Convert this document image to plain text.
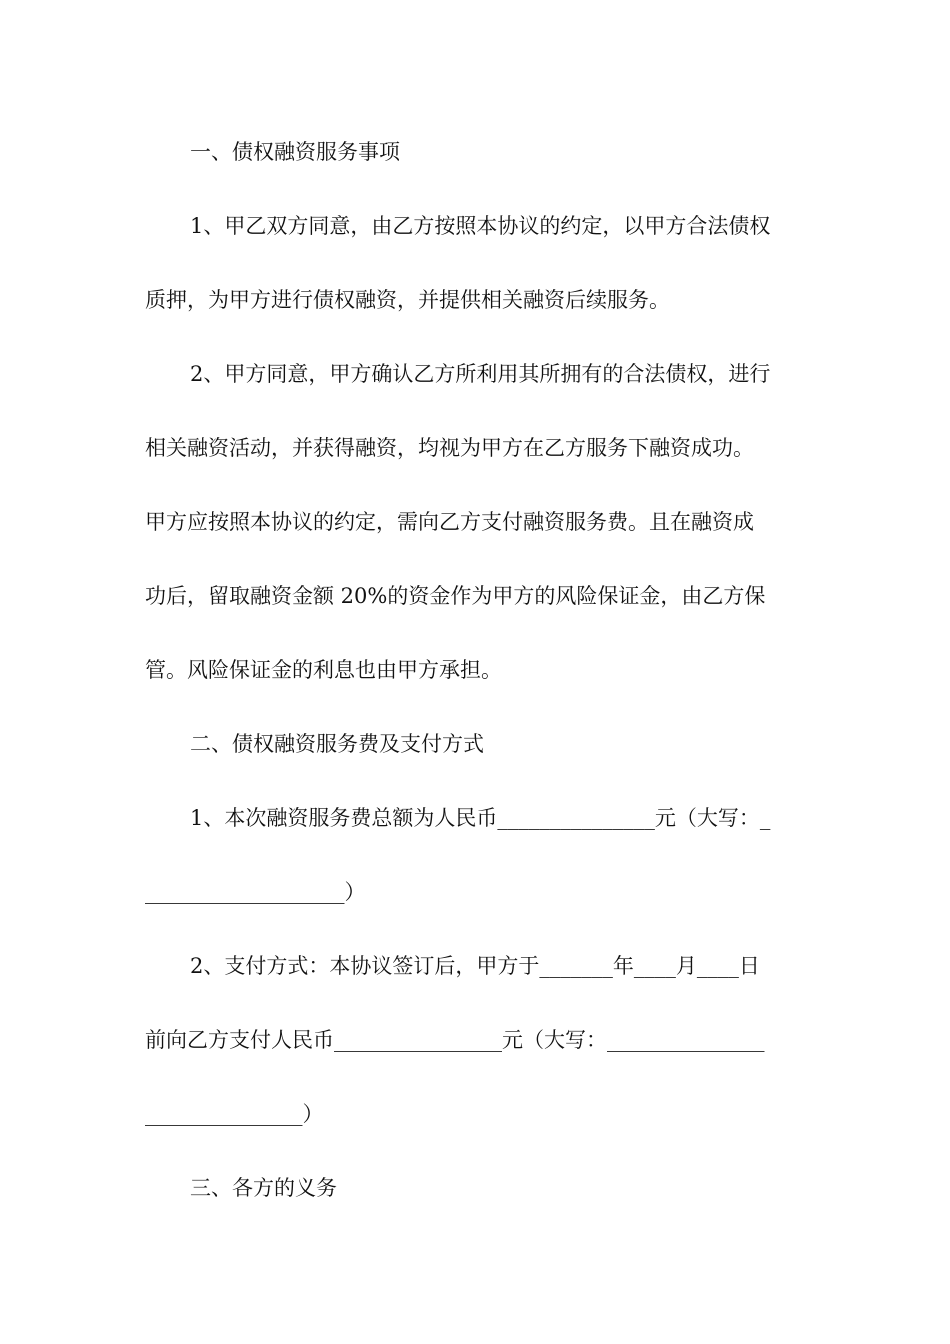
一、债权融资服务事项
1、甲乙双方同意，由乙方按照本协议的约定，以甲方合法债权
质押，为甲方进行债权融资，并提供相关融资后续服务。
2、甲方同意，甲方确认乙方所利用其所拥有的合法债权，进行
相关融资活动，并获得融资，均视为甲方在乙方服务下融资成功。
甲方应按照本协议的约定，需向乙方支付融资服务费。且在融资成
功后，留取融资金额 20%的资金作为甲方的风险保证金，由乙方保
管。风险保证金的利息也由甲方承担。
二、债权融资服务费及支付方式
1、本次融资服务费总额为人民币_______________元（大写：_
___________________）
2、支付方式：本协议签订后，甲方于_______年____月____日
前向乙方支付人民币________________元（大写：_______________
_______________）
三、各方的义务
